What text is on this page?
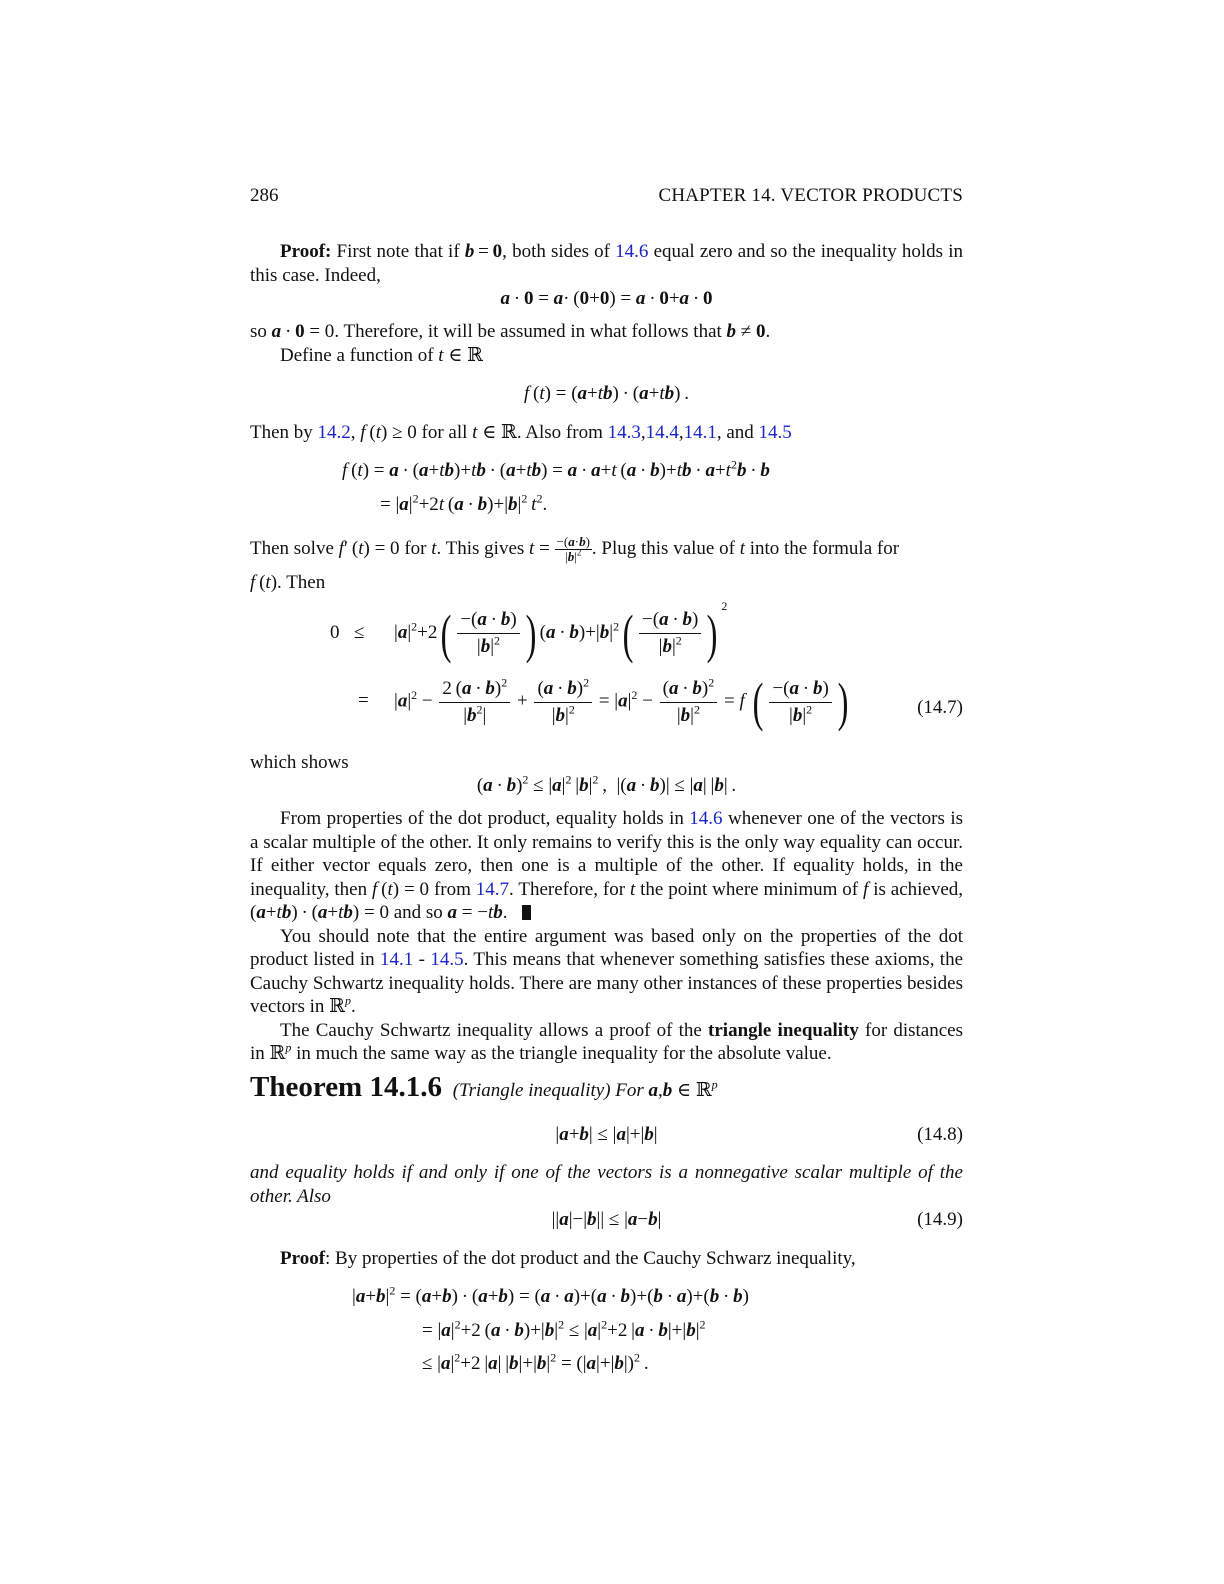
286	CHAPTER 14. VECTOR PRODUCTS

Proof: First note that if b = 0, both sides of 14.6 equal zero and so the inequality holds in this case. Indeed,

a · 0 = a· (0+0) = a · 0+a · 0

so a · 0 = 0. Therefore, it will be assumed in what follows that b ≠ 0.

Define a function of t ∈ ℝ

f (t) = (a+tb) · (a+tb) .

Then by 14.2, f (t) ≥ 0 for all t ∈ ℝ. Also from 14.3,14.4,14.1, and 14.5

f (t) = a · (a+tb)+tb · (a+tb) = a · a+t $(a \cdot b)+tb \cdot a+t^2b \cdot b$
= $|a|^2+2t$ $(a \cdot b)+|b|^2$  $t^2$.

Then solve f′ (t) = 0 for t. This gives $t = \frac{-(a\cdot b)}{|b|^2}$ . Plug this value of t into the formula for

f (t). Then

$0 \le |a|^2+2( \frac{-(a \cdot b)}{|b|^2}$ ) $(a \cdot b)+|b|^2( \frac{-(a \cdot b)}{|b|^2}$ ) $^2$
= $|a|^2 - \frac{2 (a \cdot b)^2}{|b^2|} + \frac{(a \cdot b)^2}{|b|^2} = |a|^2 - \frac{(a \cdot b)^2}{|b|^2} = f$ ( $\frac{-(a \cdot b)}{|b|^2}$ )	(14.7)

which shows

$(a \cdot b)^2 \le |a|^2$ $|b|^2$ ,  |(a · b)| ≤ |a| |b| .

From properties of the dot product, equality holds in 14.6 whenever one of the vectors is a scalar multiple of the other. It only remains to verify this is the only way equality can occur. If either vector equals zero, then one is a multiple of the other. If equality holds, in the inequality, then f (t) = 0 from 14.7. Therefore, for t the point where minimum of f is achieved, (a+tb) · (a+tb) = 0 and so a = −tb.

You should note that the entire argument was based only on the properties of the dot product listed in 14.1 - 14.5. This means that whenever something satisfies these axioms, the Cauchy Schwartz inequality holds. There are many other instances of these properties besides vectors in ℝ$^p$.

The Cauchy Schwartz inequality allows a proof of the triangle inequality for distances in ℝ$^p$ in much the same way as the triangle inequality for the absolute value.

Theorem 14.1.6 (Triangle inequality) For a,b ∈ ℝ$^p$
|a+b| ≤ |a|+|b|	(14.8)

and equality holds if and only if one of the vectors is a nonnegative scalar multiple of the other. Also

||a|−|b|| ≤ |a−b|	(14.9)

Proof: By properties of the dot product and the Cauchy Schwarz inequality,

$|a+b|^2 = (a+b) \cdot (a+b) = (a \cdot a)+(a \cdot b)+(b \cdot a)+(b \cdot b)$
= $|a|^2+2$ $(a \cdot b)+|b|^2 \le |a|^2+2$ $|a \cdot b|+|b|^2$
≤ $|a|^2+2$ |a| $|b|+|b|^2 = (|a|+|b|)^2$ .
